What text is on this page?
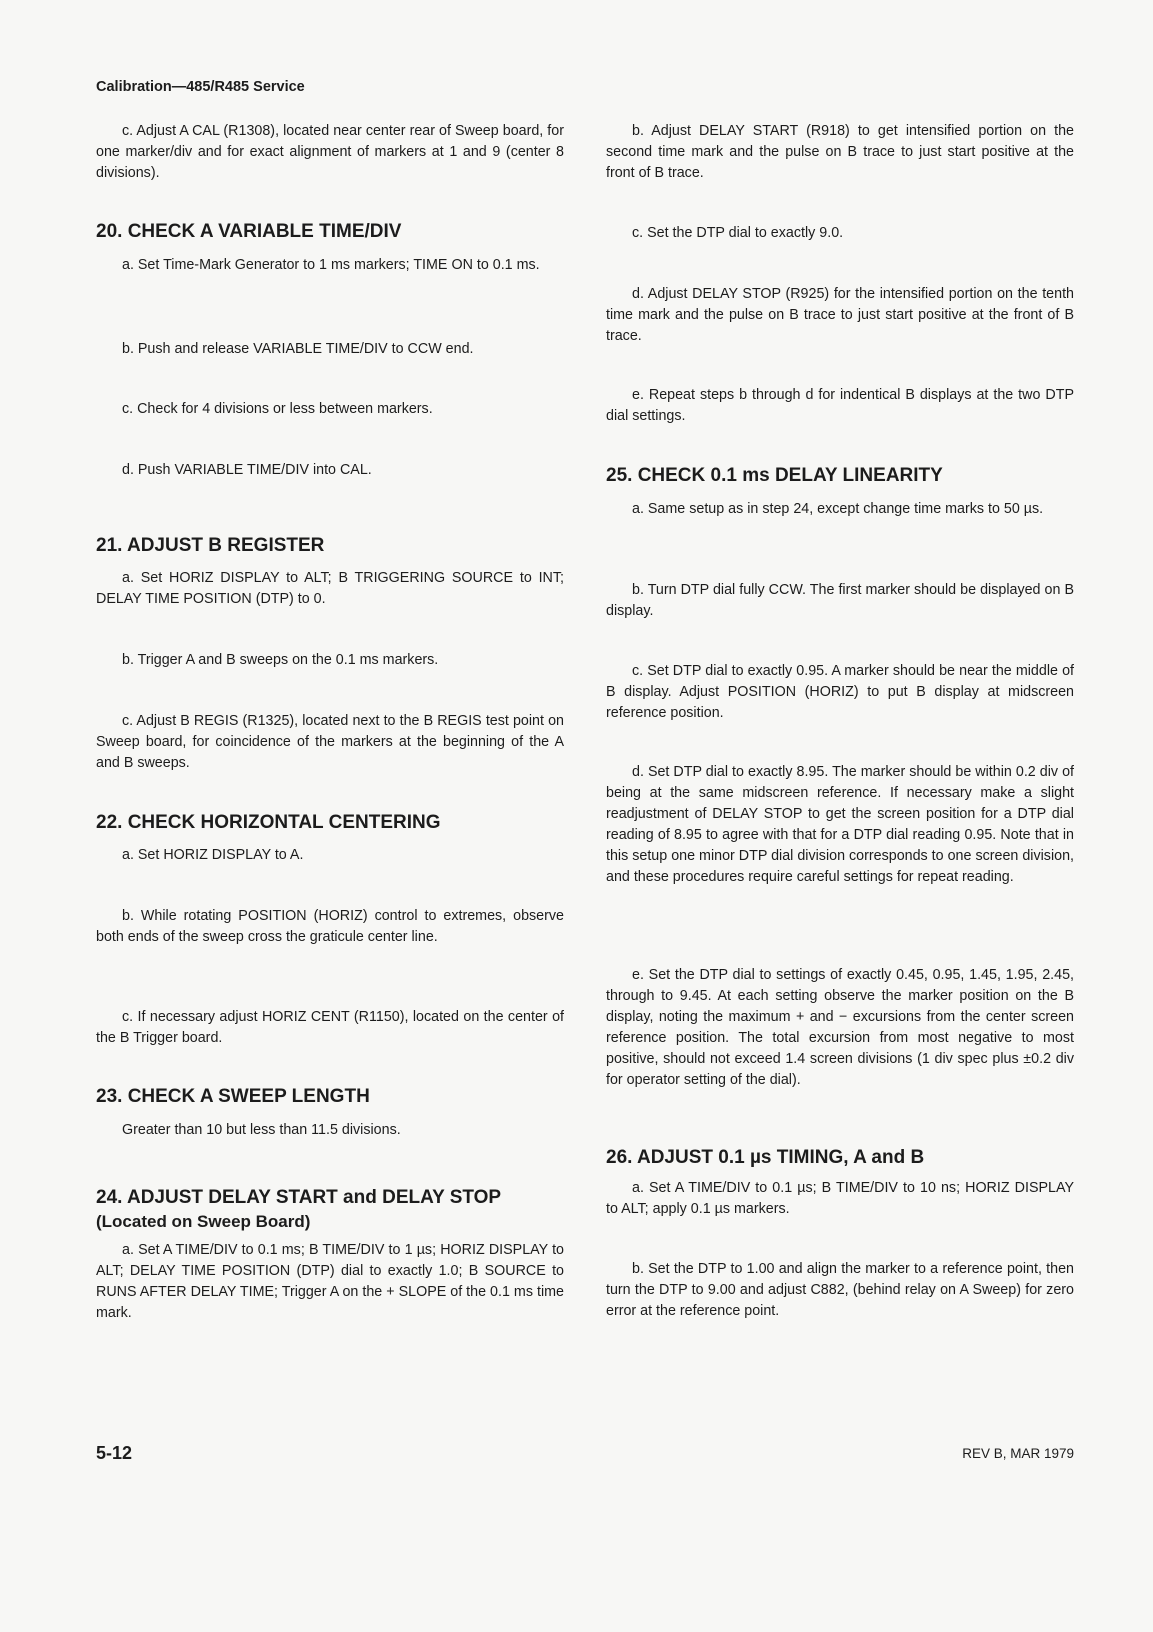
Calibration—485/R485 Service

c. Adjust A CAL (R1308), located near center rear of Sweep board, for one marker/div and for exact alignment of markers at 1 and 9 (center 8 divisions).

20. CHECK A VARIABLE TIME/DIV

a. Set Time-Mark Generator to 1 ms markers; TIME ON to 0.1 ms.

b. Push and release VARIABLE TIME/DIV to CCW end.

c. Check for 4 divisions or less between markers.

d. Push VARIABLE TIME/DIV into CAL.

21. ADJUST B REGISTER

a. Set HORIZ DISPLAY to ALT; B TRIGGERING SOURCE to INT; DELAY TIME POSITION (DTP) to 0.

b. Trigger A and B sweeps on the 0.1 ms markers.

c. Adjust B REGIS (R1325), located next to the B REGIS test point on Sweep board, for coincidence of the markers at the beginning of the A and B sweeps.

22. CHECK HORIZONTAL CENTERING

a. Set HORIZ DISPLAY to A.

b. While rotating POSITION (HORIZ) control to extremes, observe both ends of the sweep cross the graticule center line.

c. If necessary adjust HORIZ CENT (R1150), located on the center of the B Trigger board.

23. CHECK A SWEEP LENGTH

Greater than 10 but less than 11.5 divisions.

24. ADJUST DELAY START and DELAY STOP

(Located on Sweep Board)

a. Set A TIME/DIV to 0.1 ms; B TIME/DIV to 1 µs; HORIZ DISPLAY to ALT; DELAY TIME POSITION (DTP) dial to exactly 1.0; B SOURCE to RUNS AFTER DELAY TIME; Trigger A on the + SLOPE of the 0.1 ms time mark.

b. Adjust DELAY START (R918) to get intensified portion on the second time mark and the pulse on B trace to just start positive at the front of B trace.

c. Set the DTP dial to exactly 9.0.

d. Adjust DELAY STOP (R925) for the intensified portion on the tenth time mark and the pulse on B trace to just start positive at the front of B trace.

e. Repeat steps b through d for indentical B displays at the two DTP dial settings.

25. CHECK 0.1 ms DELAY LINEARITY

a. Same setup as in step 24, except change time marks to 50 µs.

b. Turn DTP dial fully CCW. The first marker should be displayed on B display.

c. Set DTP dial to exactly 0.95. A marker should be near the middle of B display. Adjust POSITION (HORIZ) to put B display at midscreen reference position.

d. Set DTP dial to exactly 8.95. The marker should be within 0.2 div of being at the same midscreen reference. If necessary make a slight readjustment of DELAY STOP to get the screen position for a DTP dial reading of 8.95 to agree with that for a DTP dial reading 0.95. Note that in this setup one minor DTP dial division corresponds to one screen division, and these procedures require careful settings for repeat reading.

e. Set the DTP dial to settings of exactly 0.45, 0.95, 1.45, 1.95, 2.45, through to 9.45. At each setting observe the marker position on the B display, noting the maximum + and − excursions from the center screen reference position. The total excursion from most negative to most positive, should not exceed 1.4 screen divisions (1 div spec plus ±0.2 div for operator setting of the dial).

26. ADJUST 0.1 µs TIMING, A and B

a. Set A TIME/DIV to 0.1 µs; B TIME/DIV to 10 ns; HORIZ DISPLAY to ALT; apply 0.1 µs markers.

b. Set the DTP to 1.00 and align the marker to a reference point, then turn the DTP to 9.00 and adjust C882, (behind relay on A Sweep) for zero error at the reference point.

5-12	REV B, MAR 1979
